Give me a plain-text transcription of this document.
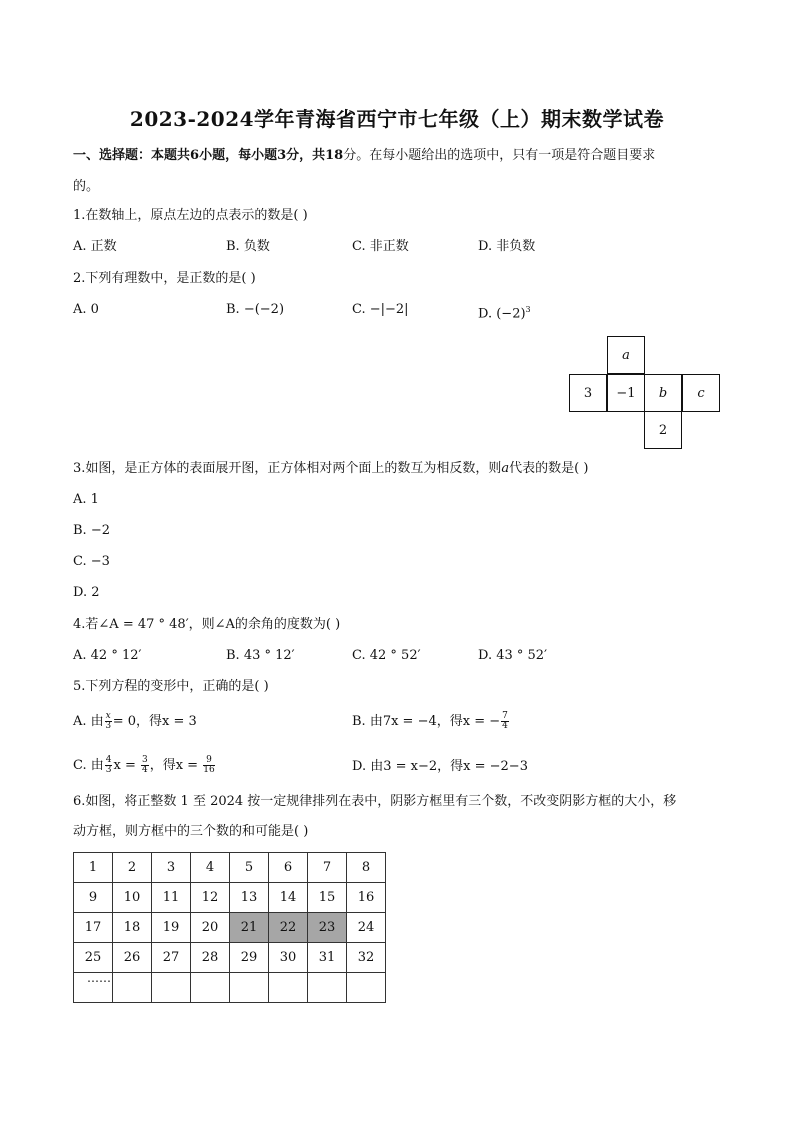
2023-2024学年青海省西宁市七年级（上）期末数学试卷
一、选择题：本题共6小题，每小题3分，共18分。在每小题给出的选项中，只有一项是符合题目要求
的。
1.在数轴上，原点左边的点表示的数是( )
A. 正数	B. 负数	C. 非正数	D. 非负数
2.下列有理数中，是正数的是( )
A. 0	B. −(−2)	C. −|−2|	D. $(-2)^3$
a
3	−1	b	c
2
3.如图，是正方体的表面展开图，正方体相对两个面上的数互为相反数，则a代表的数是( )
A. 1
B. −2
C. −3
D. 2
4.若∠A = 47 ° 48′，则∠A的余角的度数为( )
A. 42 ° 12′	B. 43 ° 12′	C. 42 ° 52′	D. 43 ° 52′
5.下列方程的变形中，正确的是( )
A. 由 $\frac{x}{3} = 0$，得x = 3	B. 由7x = −4，得x = − $\frac{7}{4}$
C. 由 $\frac{4}{3}$ $x = \frac{3}{4}$ ，得$x = \frac{9}{16}$	D. 由3 = x−2，得x = −2−3
6.如图，将正整数 1 至 2024 按一定规律排列在表中，阴影方框里有三个数，不改变阴影方框的大小，移
动方框，则方框中的三个数的和可能是( )
1	2	3	4	5	6	7	8
9	10	11	12	13	14	15	16
17	18	19	20	21	22	23	24
25	26	27	28	29	30	31	32
……							
